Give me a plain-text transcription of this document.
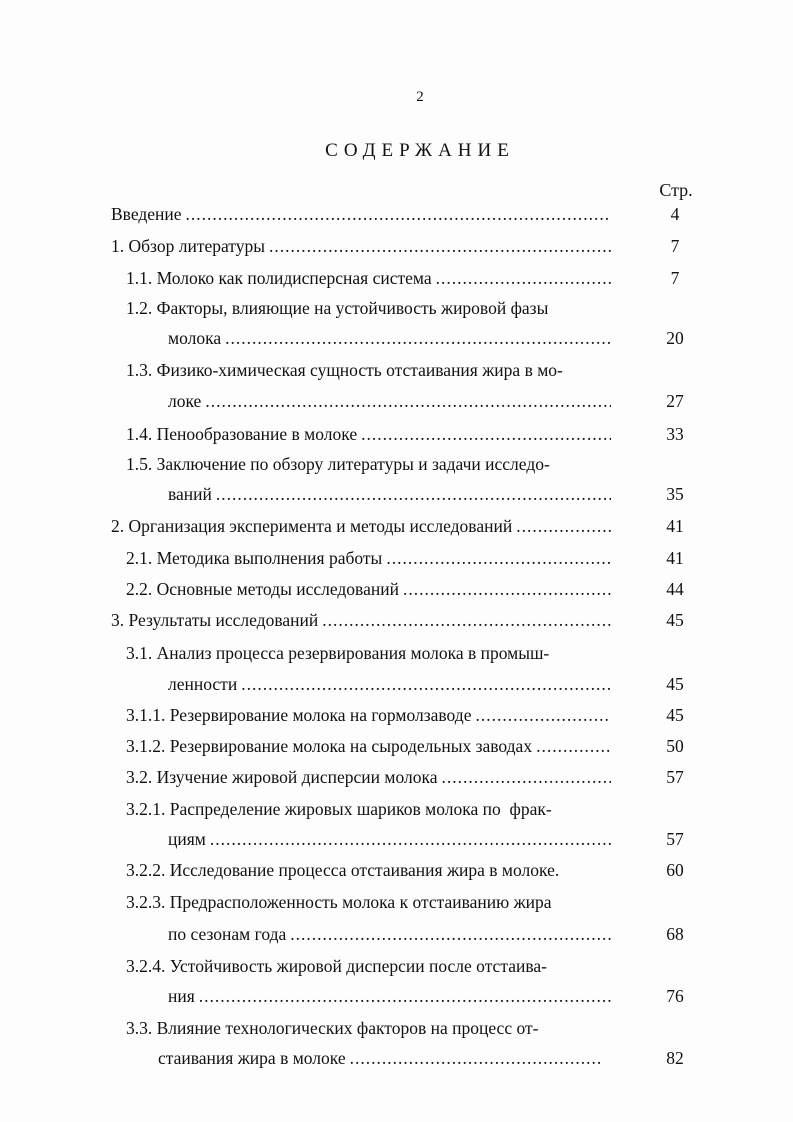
2
СОДЕРЖАНИЕ
Стр.
Введение .....	4
1. Обзор литературы .....	7
1.1. Молоко как полидисперсная система .....	7
1.2. Факторы, влияющие на устойчивость жировой фазы
молока .....	20
1.3. Физико-химическая сущность отстаивания жира в мо-
локе .....	27
1.4. Пенообразование в молоке .....	33
1.5. Заключение по обзору литературы и задачи исследо-
ваний .....	35
2. Организация эксперимента и методы исследований .....	41
2.1. Методика выполнения работы .....	41
2.2. Основные методы исследований .....	44
3. Результаты исследований .....	45
3.1. Анализ процесса резервирования молока в промыш-
ленности .....	45
3.1.1. Резервирование молока на гормолзаводе .....	45
3.1.2. Резервирование молока на сыродельных заводах .....	50
3.2. Изучение жировой дисперсии молока .....	57
3.2.1. Распределение жировых шариков молока по  фрак-
циям .....	57
3.2.2. Исследование процесса отстаивания жира в молоке.	60
3.2.3. Предрасположенность молока к отстаиванию жира
по сезонам года .....	68
3.2.4. Устойчивость жировой дисперсии после отстаива-
ния .....	76
3.3. Влияние технологических факторов на процесс от-
стаивания жира в молоке .....	82
